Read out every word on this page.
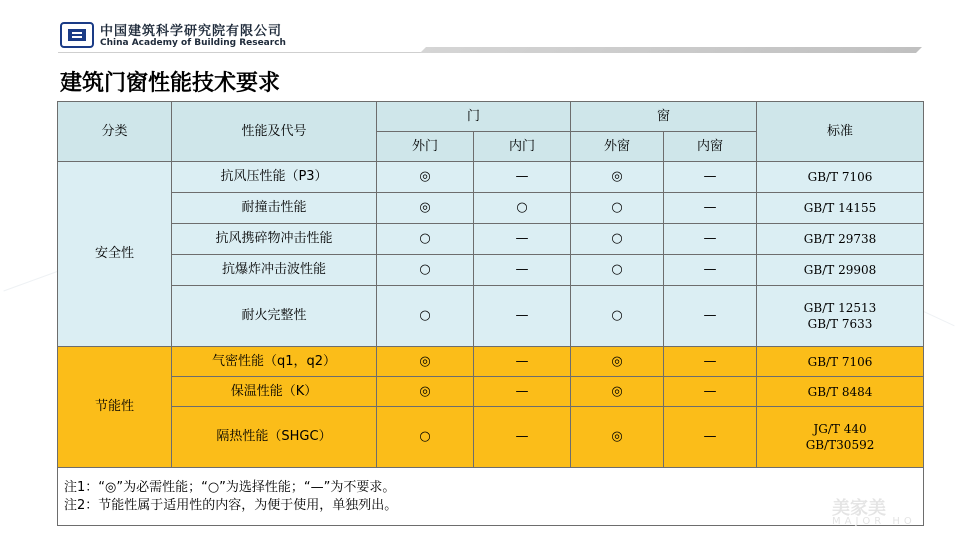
中国建筑科学研究院有限公司
China Academy of Building Research
建筑门窗性能技术要求
分类	性能及代号	门		窗		标准
		外门	内门	外窗	内窗	
安全性	抗风压性能（P3）	◎	—	◎	—	GB/T 7106
	耐撞击性能	◎	○	○	—	GB/T 14155
	抗风携碎物冲击性能	○	—	○	—	GB/T 29738
	抗爆炸冲击波性能	○	—	○	—	GB/T 29908
	耐火完整性	○	—	○	—	GB/T 12513
GB/T 7633

节能性	气密性能（q1，q2）	◎	—	◎	—	GB/T 7106
	保温性能（K）	◎	—	◎	—	GB/T 8484
	隔热性能（SHGC）	○	—	◎	—	JG/T 440
GB/T30592

注1：“◎”为必需性能；“○”为选择性能；“—”为不要求。
注2：节能性属于适用性的内容，为便于使用，单独列出。							美家美
MAJOR HO
